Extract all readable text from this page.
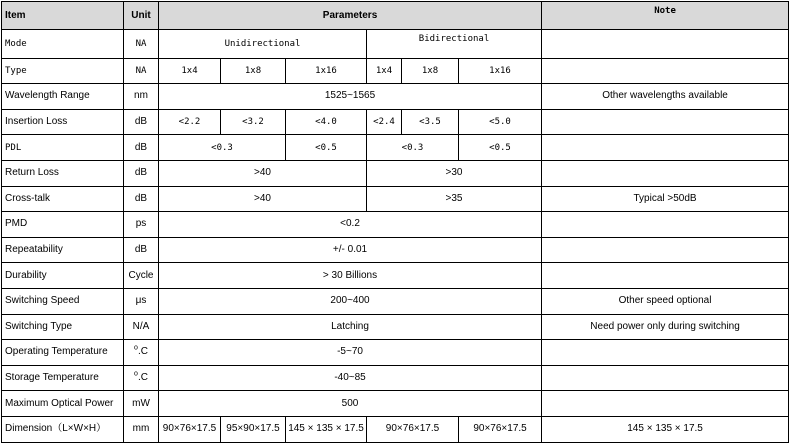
Item	Unit	Parameters						Note
Mode	NA	Unidirectional			Bidirectional			
Type	NA	1x4	1x8	1x16	1x4	1x8	1x16	
Wavelength Range	nm	1525~1565						Other wavelengths available
Insertion Loss	dB	<2.2	<3.2	<4.0	<2.4	<3.5	<5.0	
PDL	dB	<0.3		<0.5	<0.3		<0.5	
Return Loss	dB	>40			>30			
Cross-talk	dB	>40			>35			Typical >50dB
PMD	ps	<0.2						
Repeatability	dB	+/- 0.01						
Durability	Cycle	> 30 Billions						
Switching Speed	μs	200~400						Other speed optional
Switching Type	N/A	Latching						Need power only during switching
Operating Temperature	$^o$.C	-5~70						
Storage Temperature	$^o$.C	-40~85						
Maximum Optical Power	mW	500						
Dimension（L×W×H）	mm	90×76×17.5	95×90×17.5	145 × 135 × 17.5	90×76×17.5		90×76×17.5	145 × 135 × 17.5
